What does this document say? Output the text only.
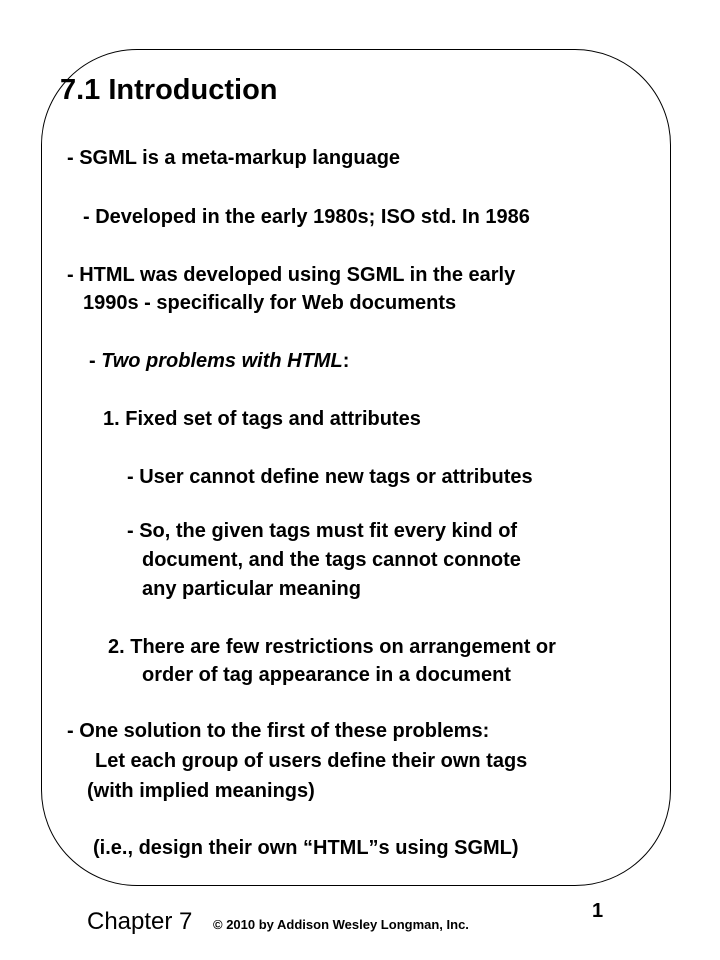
7.1 Introduction
- SGML is a meta-markup language
- Developed in the early 1980s; ISO std. In 1986
- HTML was developed using SGML in the early
1990s - specifically for Web documents
- Two problems with HTML:
1. Fixed set of tags and attributes
- User cannot define new tags or attributes
- So, the given tags must fit every kind of
document, and the tags cannot connote
any particular meaning
2. There are few restrictions on arrangement or
order of tag appearance in a document
- One solution to the first of these problems:
Let each group of users define their own tags
(with implied meanings)
(i.e., design their own “HTML”s using SGML)
Chapter 7 © 2010 by Addison Wesley Longman, Inc.
1
